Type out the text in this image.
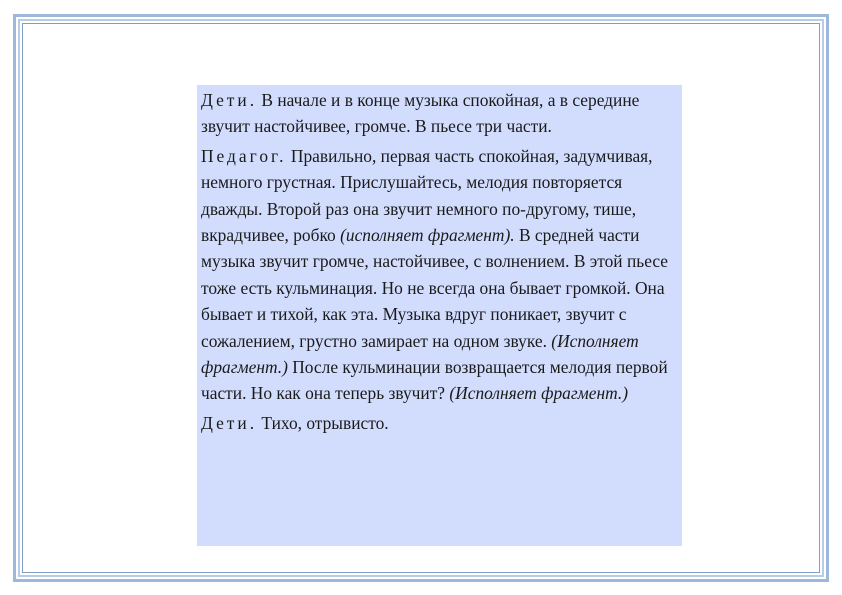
Дети. В начале и в конце музыка спокойная, а в середине звучит настойчивее, громче. В пьесе три части.

Педагог. Правильно, первая часть спокойная, задумчивая, немного грустная. Прислушайтесь, мелодия повторяется дважды. Второй раз она звучит немного по-другому, тише, вкрадчивее, робко (исполняет фрагмент). В средней части музыка звучит громче, настойчивее, с волнением. В этой пьесе тоже есть кульминация. Но не всегда она бывает громкой. Она бывает и тихой, как эта. Музыка вдруг поникает, звучит с сожалением, грустно замирает на одном звуке. (Исполняет фрагмент.) После кульминации возвращается мелодия первой части. Но как она теперь звучит? (Исполняет фрагмент.)

Дети. Тихо, отрывисто.
